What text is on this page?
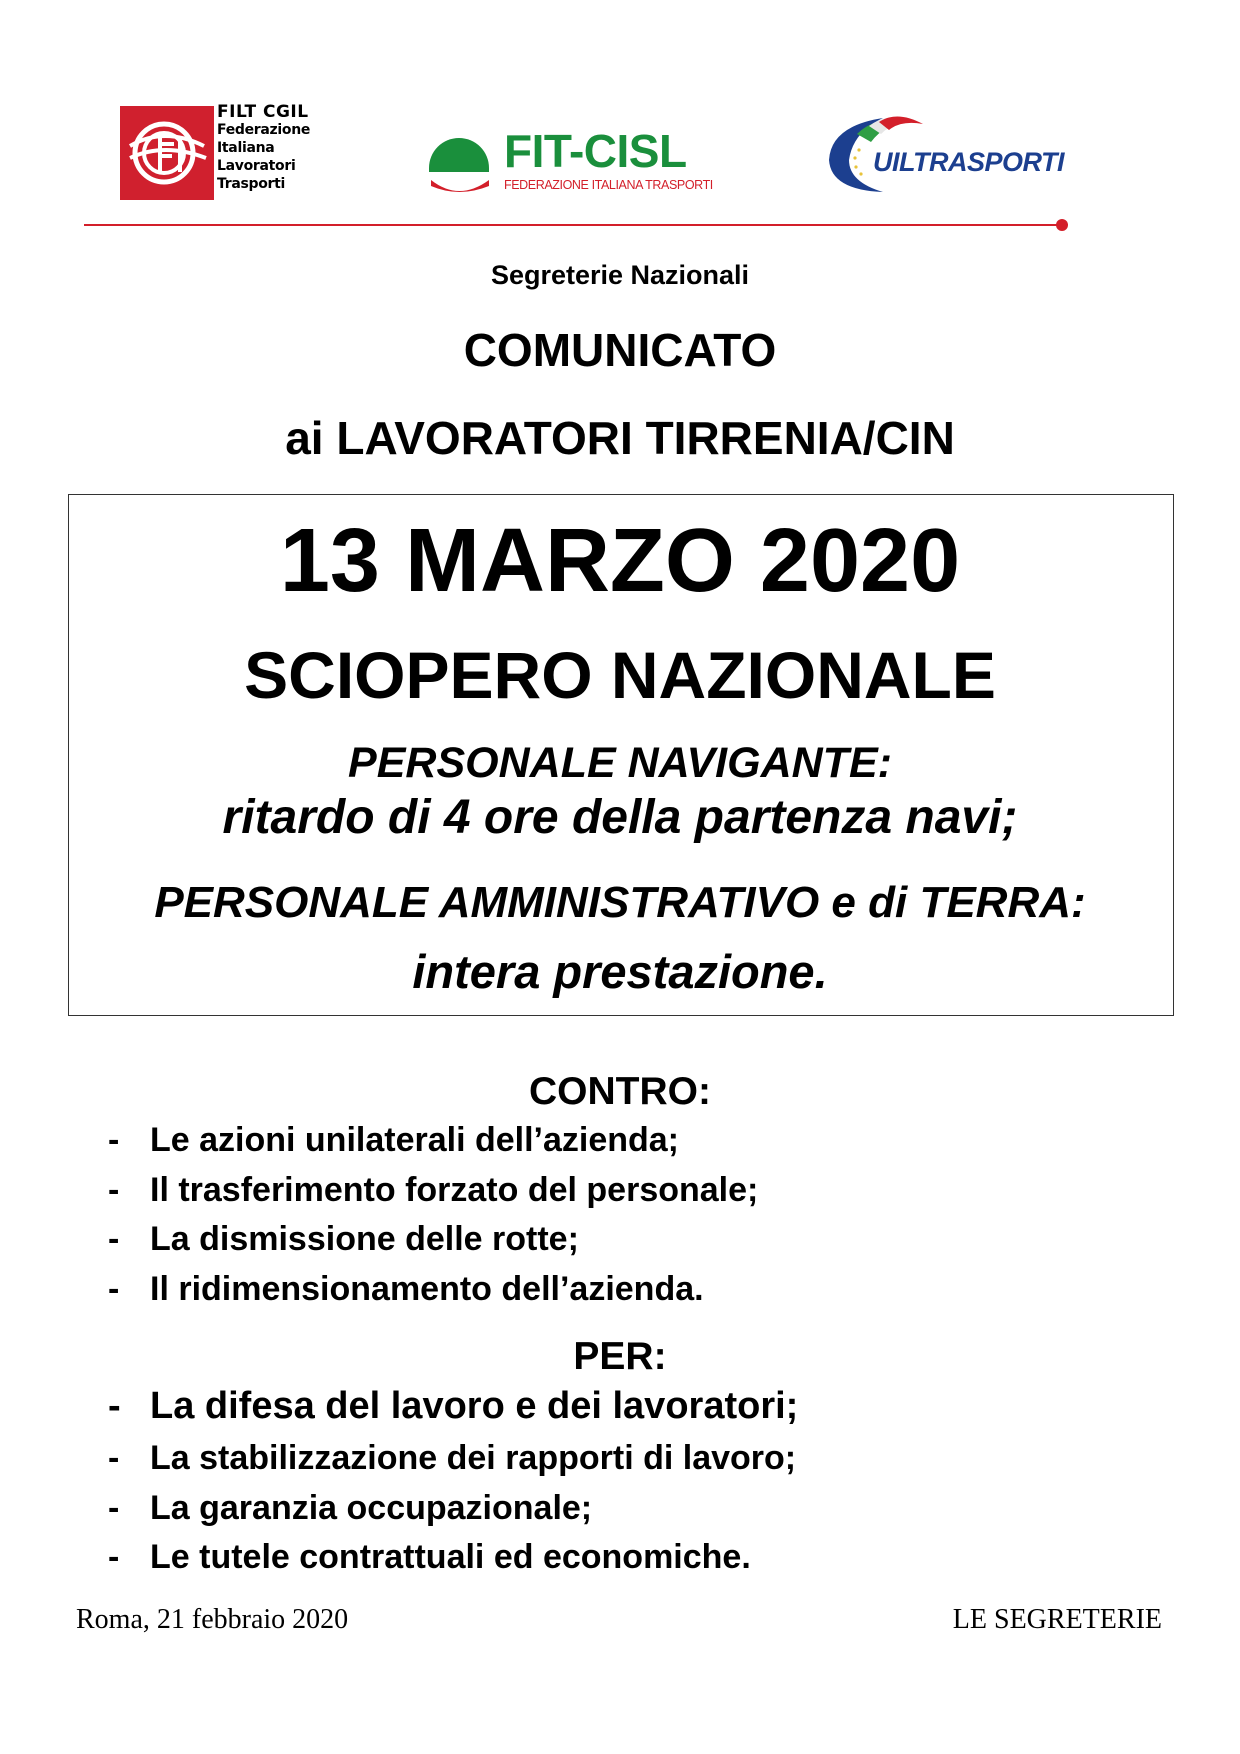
FILT CGIL
Federazione
Italiana
Lavoratori
Trasporti
FIT-CISL
FEDERAZIONE ITALIANA TRASPORTI
UILTRASPORTI
Segreterie Nazionali
COMUNICATO
ai LAVORATORI TIRRENIA/CIN
13 MARZO 2020
SCIOPERO NAZIONALE
PERSONALE NAVIGANTE:
ritardo di 4 ore della partenza navi;
PERSONALE AMMINISTRATIVO e di TERRA:
intera prestazione.
CONTRO:
- Le azioni unilaterali dell’azienda;
- Il trasferimento forzato del personale;
- La dismissione delle rotte;
- Il ridimensionamento dell’azienda.
PER:
- La difesa del lavoro e dei lavoratori;
- La stabilizzazione dei rapporti di lavoro;
- La garanzia occupazionale;
- Le tutele contrattuali ed economiche.
Roma, 21 febbraio 2020	LE SEGRETERIE
